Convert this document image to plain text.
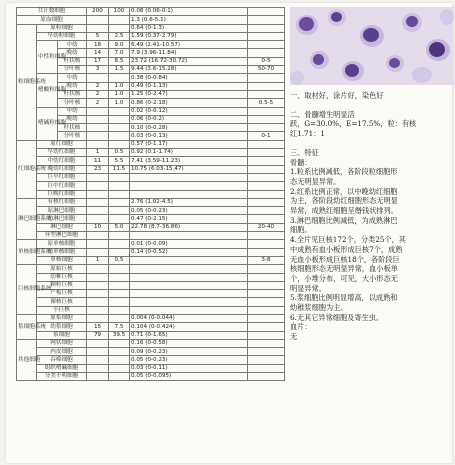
共计数细胞			200	100	0.08 (0.06-0.1)	
原血细胞					1.3 (0.6-5.1)	
粒细胞系统	原粒细胞				0.64 (0-1.3)	
	早幼粒细胞		5	2.5	1.59 (0.37-2.79)	
	中性粒细胞	中幼	18	9.0	6.49 (2.41-10.57)	
		晚幼	14	7.0	7.9 (3.96-11.84)	
		杆状核	17	8.5	23.72 (16.72-30.72)	0-5
		分叶核	3	1.5	9.44 (3.6-15.28)	50-70
	嗜酸粒细胞	中幼			0.38 (0-0.84)	
		晚幼	2	1.0	0.49 (0-1.13)	
		杆状核	2	1.0	1.25 (0-2.47)	
		分叶核	2	1.0	0.86 (0-2.18)	0.5-5
	嗜碱粒细胞	中幼			0.02 (0-0.12)	
		晚幼			0.06 (0-0.2)	
		杆状核			0.10 (0-0.28)	
		分叶核			0.03 (0-0.13)	0-1
红细胞系统	原红细胞				0.57 (0-1.17)	
	早幼红细胞		1	0.5	0.92 (0.1-1.74)	
	中幼红细胞		11	5.5	7.41 (3.59-11.23)	
	晚幼红细胞		23	11.5	10.75 (6.03-15.47)	
	巨早红细胞					
	巨中红细胞					
	巨晚红细胞					
淋巴细胞系统	有核红细胞				2.76 (1.02-4.5)	
	原淋巴细胞				0.05 (0-0.23)	
	幼淋巴细胞				0.47 (0-2.15)	
	淋巴细胞		10	5.0	22.78 (8.7-36.86)	20-40
	异型淋巴细胞					
单核细胞系统	原单核细胞				0.01 (0-0.09)	
	幼单核细胞				0.14 (0-0.52)	
	单核细胞		1	0.5		3-8
巨核细胞系统	原始巨核					
	幼稚巨核					
	颗粒巨核					
	产板巨核					
	裸核巨核					
	小巨核					
浆细胞系统	原浆细胞				0.004 (0-0.044)	
	幼浆细胞		15	7.5	0.104 (0-0.424)	
	浆细胞		79	39.5	0.71 (0-1.65)	
其他细胞	网状细胞				0.16 (0-0.58)	
	内皮细胞				0.09 (0-0.23)	
	吞噬细胞				0.05 (0-0.23)	
	组织嗜碱细胞				0.03 (0-0.11)	
	分类不明细胞				0.05 (0-0.095)	

一、取材好，涂片好，染色好

二、骨髓增生明显活

跃，G=30.0%，E=17.5%，粒：有核

红1.71：1

三、特征

骨髓：

1.粒系比例减低，各阶段粒细胞形

态无明显异常。

2.红系比例正常，以中晚幼红细胞

为主，各阶段幼红细胞形态无明显

异常，成熟红细胞呈缗钱状排列。

3.淋巴细胞比例减低，为成熟淋巴

细胞。

4.全片见巨核172个，分类25个，其

中成熟有血小板形成巨核7个，成熟

无血小板形成巨核18个，各阶段巨

核细胞形态无明显异常，血小板单

个，小堆分布，可见，大小形态无

明显异常。

5.浆细胞比例明显增高，以成熟和

幼稚浆细胞为主。

6.无其它异常细胞及寄生虫。

血片：

无
